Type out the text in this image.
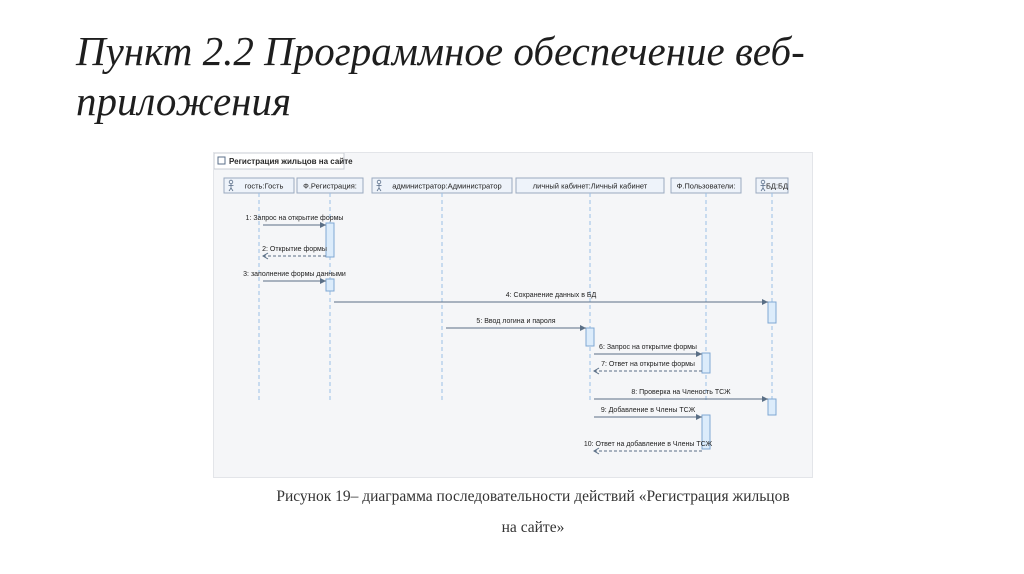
Пункт 2.2 Программное обеспечение веб-приложения
Регистрация жильцов на сайте
гость:Гость	Ф.Регистрация:	администратор:Администратор	личный кабинет:Личный кабинет	Ф.Пользователи:	БД:БД
1: Запрос на открытие формы
2: Открытие формы
3: заполнение формы данными
4: Сохранение данных в БД
5: Ввод логина и пароля
6: Запрос на открытие формы
7: Ответ на открытие формы
8: Проверка на Членость ТСЖ
9: Добавление в Члены ТСЖ
10: Ответ на добавление в Члены ТСЖ
Рисунок 19– диаграмма последовательности действий «Регистрация жильцов
на сайте»
